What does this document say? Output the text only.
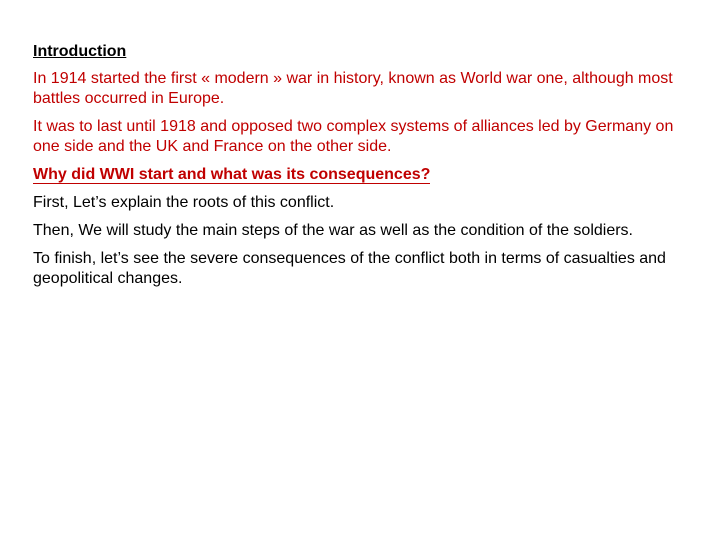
Introduction

In 1914 started the first « modern » war in history, known as World war one, although most battles occurred in Europe.

It was to last until 1918 and opposed two complex systems of alliances led by Germany on one side and the UK and France on the other side.

Why did WWI start and what was its consequences?

First, Let’s explain the roots of this conflict.

Then, We will study the main steps of the war as well as the condition of the soldiers.

To finish, let’s see the severe consequences of the conflict both in terms of casualties and geopolitical changes.
